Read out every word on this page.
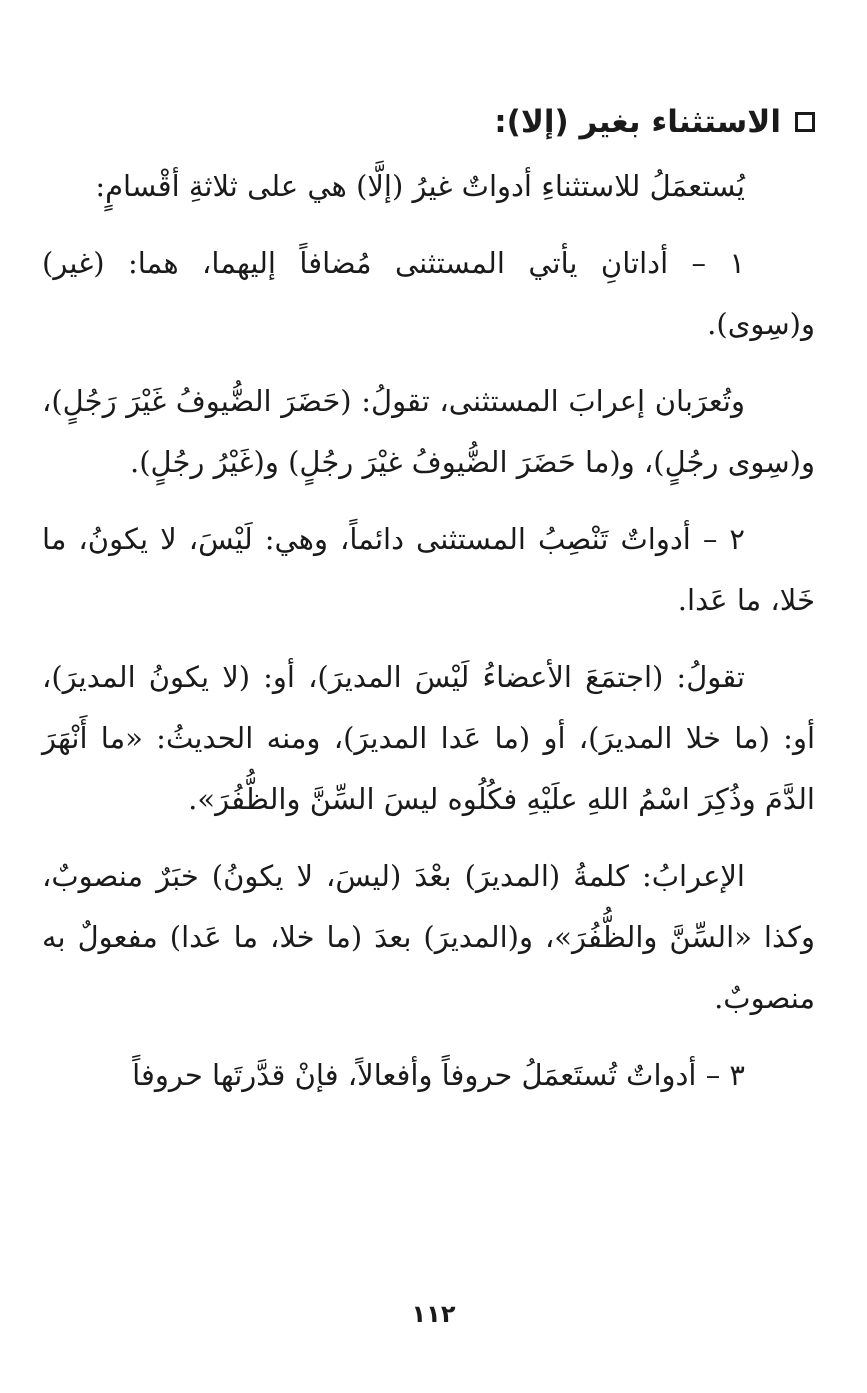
الاستثناء بغير (إلا):

يُستعمَلُ للاستثناءِ أدواتٌ غيرُ (إلَّا) هي على ثلاثةِ أقْسامٍ:

١ – أداتانِ يأتي المستثنى مُضافاً إليهما، هما: (غير) و(سِوى).

وتُعرَبان إعرابَ المستثنى، تقولُ: (حَضَرَ الضُّيوفُ غَيْرَ رَجُلٍ)، و(سِوى رجُلٍ)، و(ما حَضَرَ الضُّيوفُ غيْرَ رجُلٍ) و(غَيْرُ رجُلٍ).

٢ – أدواتٌ تَنْصِبُ المستثنى دائماً، وهي: لَيْسَ، لا يكونُ، ما خَلا، ما عَدا.

تقولُ: (اجتمَعَ الأعضاءُ لَيْسَ المديرَ)، أو: (لا يكونُ المديرَ)، أو: (ما خلا المديرَ)، أو (ما عَدا المديرَ)، ومنه الحديثُ: «ما أَنْهَرَ الدَّمَ وذُكِرَ اسْمُ اللهِ علَيْهِ فكُلُوه ليسَ السِّنَّ والظُّفُرَ».

الإعرابُ: كلمةُ (المديرَ) بعْدَ (ليسَ، لا يكونُ) خبَرٌ منصوبٌ، وكذا «السِّنَّ والظُّفُرَ»، و(المديرَ) بعدَ (ما خلا، ما عَدا) مفعولٌ به منصوبٌ.

٣ – أدواتٌ تُستَعمَلُ حروفاً وأفعالاً، فإنْ قدَّرتَها حروفاً

١١٢
